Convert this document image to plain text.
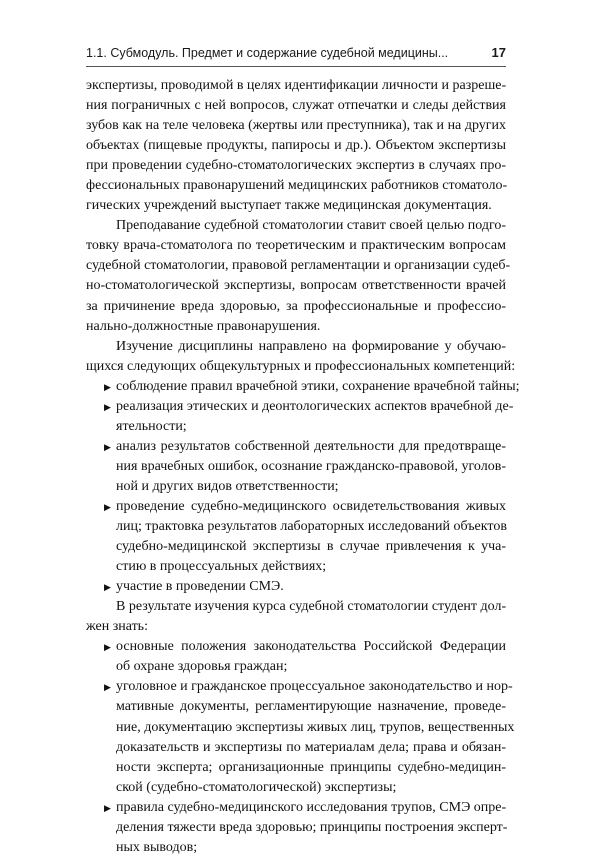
1.1. Субмодуль. Предмет и содержание судебной медицины...	17
экспертизы, проводимой в целях идентификации личности и разреше-
ния пограничных с ней вопросов, служат отпечатки и следы действия
зубов как на теле человека (жертвы или преступника), так и на других
объектах (пищевые продукты, папиросы и др.). Объектом экспертизы
при проведении судебно-стоматологических экспертиз в случаях про-
фессиональных правонарушений медицинских работников стоматоло-
гических учреждений выступает также медицинская документация.
Преподавание судебной стоматологии ставит своей целью подго-
товку врача-стоматолога по теоретическим и практическим вопросам
судебной стоматологии, правовой регламентации и организации судеб-
но-стоматологической экспертизы, вопросам ответственности врачей
за причинение вреда здоровью, за профессиональные и профессио-
нально-должностные правонарушения.
Изучение дисциплины направлено на формирование у обучаю-
щихся следующих общекультурных и профессиональных компетенций:
▶ соблюдение правил врачебной этики, сохранение врачебной тайны;
▶ реализация этических и деонтологических аспектов врачебной де-
ятельности;
▶ анализ результатов собственной деятельности для предотвраще-
ния врачебных ошибок, осознание гражданско-правовой, уголов-
ной и других видов ответственности;
▶ проведение судебно-медицинского освидетельствования живых
лиц; трактовка результатов лабораторных исследований объектов
судебно-медицинской экспертизы в случае привлечения к уча-
стию в процессуальных действиях;
▶ участие в проведении СМЭ.
В результате изучения курса судебной стоматологии студент дол-
жен знать:
▶ основные положения законодательства Российской Федерации
об охране здоровья граждан;
▶ уголовное и гражданское процессуальное законодательство и нор-
мативные документы, регламентирующие назначение, проведе-
ние, документацию экспертизы живых лиц, трупов, вещественных
доказательств и экспертизы по материалам дела; права и обязан-
ности эксперта; организационные принципы судебно-медицин-
ской (судебно-стоматологической) экспертизы;
▶ правила судебно-медицинского исследования трупов, СМЭ опре-
деления тяжести вреда здоровью; принципы построения эксперт-
ных выводов;
